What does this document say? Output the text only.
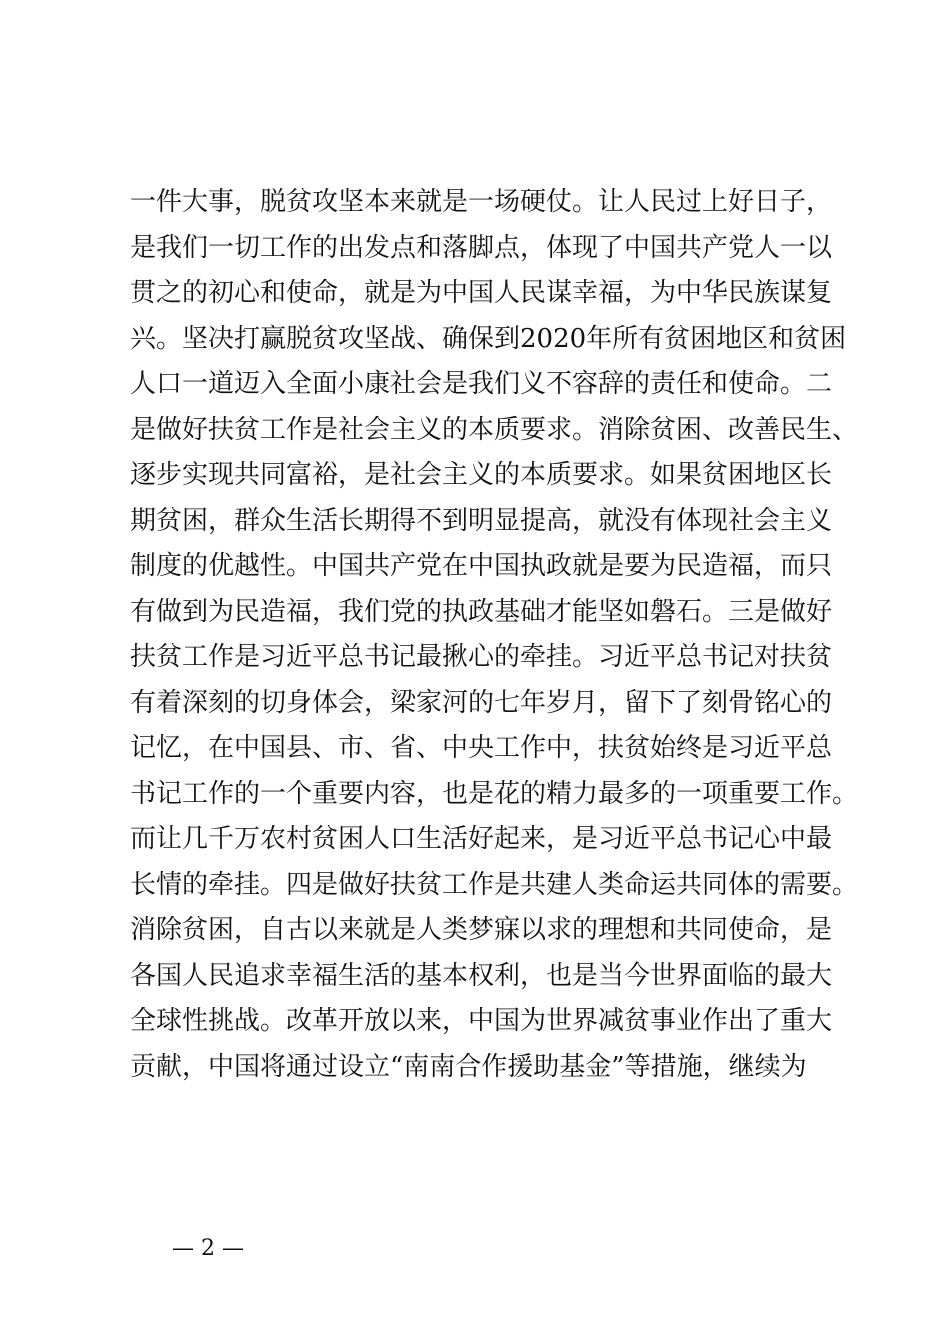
一件大事，脱贫攻坚本来就是一场硬仗。让人民过上好日子，
是我们一切工作的出发点和落脚点，体现了中国共产党人一以
贯之的初心和使命，就是为中国人民谋幸福，为中华民族谋复
兴。坚决打赢脱贫攻坚战、确保到2020年所有贫困地区和贫困
人口一道迈入全面小康社会是我们义不容辞的责任和使命。二
是做好扶贫工作是社会主义的本质要求。消除贫困、改善民生、
逐步实现共同富裕，是社会主义的本质要求。如果贫困地区长
期贫困，群众生活长期得不到明显提高，就没有体现社会主义
制度的优越性。中国共产党在中国执政就是要为民造福，而只
有做到为民造福，我们党的执政基础才能坚如磐石。三是做好
扶贫工作是习近平总书记最揪心的牵挂。习近平总书记对扶贫
有着深刻的切身体会，梁家河的七年岁月，留下了刻骨铭心的
记忆，在中国县、市、省、中央工作中，扶贫始终是习近平总
书记工作的一个重要内容，也是花的精力最多的一项重要工作。
而让几千万农村贫困人口生活好起来，是习近平总书记心中最
长情的牵挂。四是做好扶贫工作是共建人类命运共同体的需要。
消除贫困，自古以来就是人类梦寐以求的理想和共同使命，是
各国人民追求幸福生活的基本权利，也是当今世界面临的最大
全球性挑战。改革开放以来，中国为世界减贫事业作出了重大
贡献，中国将通过设立“南南合作援助基金”等措施，继续为
— 2 —
